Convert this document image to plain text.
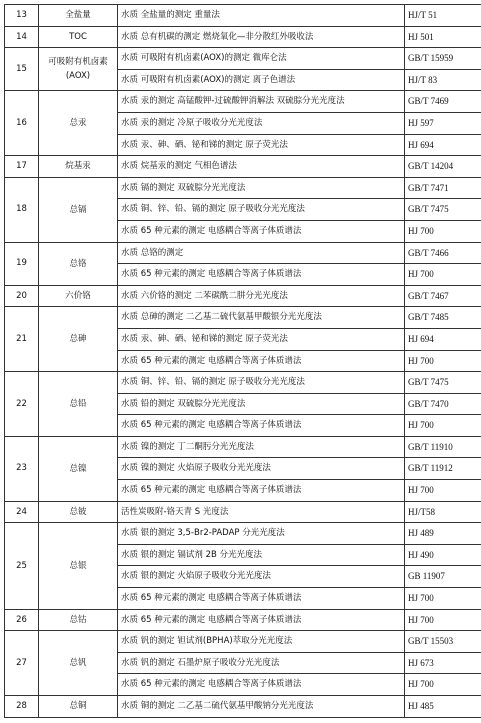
13	全盐量	水质 全盐量的测定 重量法	HJ/T 51
14	TOC	水质 总有机碳的测定 燃烧氧化—非分散红外吸收法	HJ 501
15	可吸附有机卤素(AOX)	水质 可吸附有机卤素(AOX)的测定 微库仑法	GB/T 15959
		水质 可吸附有机卤素(AOX)的测定 离子色谱法	HJ/T 83
16	总汞	水质 汞的测定 高锰酸钾-过硫酸钾消解法 双硫腙分光光度法	GB/T 7469
		水质 汞的测定 冷原子吸收分光光度法	HJ 597
		水质 汞、砷、硒、铋和锑的测定 原子荧光法	HJ 694
17	烷基汞	水质 烷基汞的测定 气相色谱法	GB/T 14204
18	总镉	水质 镉的测定 双硫腙分光光度法	GB/T 7471
		水质 铜、锌、铅、镉的测定 原子吸收分光光度法	GB/T 7475
		水质 65 种元素的测定 电感耦合等离子体质谱法	HJ 700
19	总铬	水质 总铬的测定	GB/T 7466
		水质 65 种元素的测定 电感耦合等离子体质谱法	HJ 700
20	六价铬	水质 六价铬的测定 二苯碳酰二肼分光光度法	GB/T 7467
21	总砷	水质 总砷的测定 二乙基二硫代氨基甲酸银分光光度法	GB/T 7485
		水质 汞、砷、硒、铋和锑的测定 原子荧光法	HJ 694
		水质 65 种元素的测定 电感耦合等离子体质谱法	HJ 700
22	总铅	水质 铜、锌、铅、镉的测定 原子吸收分光光度法	GB/T 7475
		水质 铅的测定 双硫腙分光光度法	GB/T 7470
		水质 65 种元素的测定 电感耦合等离子体质谱法	HJ 700
23	总镍	水质 镍的测定 丁二酮肟分光光度法	GB/T 11910
		水质 镍的测定 火焰原子吸收分光光度法	GB/T 11912
		水质 65 种元素的测定 电感耦合等离子体质谱法	HJ 700
24	总铍	活性炭吸附-铬天青 S 光度法	HJ/T58
25	总银	水质 银的测定 3,5-Br2-PADAP 分光光度法	HJ 489
		水质 银的测定 镉试剂 2B 分光光度法	HJ 490
		水质 银的测定 火焰原子吸收分光光度法	GB 11907
		水质 65 种元素的测定 电感耦合等离子体质谱法	HJ 700
26	总钴	水质 65 种元素的测定 电感耦合等离子体质谱法	HJ 700
27	总钒	水质 钒的测定 钽试剂(BPHA)萃取分光光度法	GB/T 15503
		水质 钒的测定 石墨炉原子吸收分光光度法	HJ 673
		水质 65 种元素的测定 电感耦合等离子体质谱法	HJ 700
28	总铜	水质 铜的测定 二乙基二硫代氨基甲酸钠分光光度法	HJ 485
